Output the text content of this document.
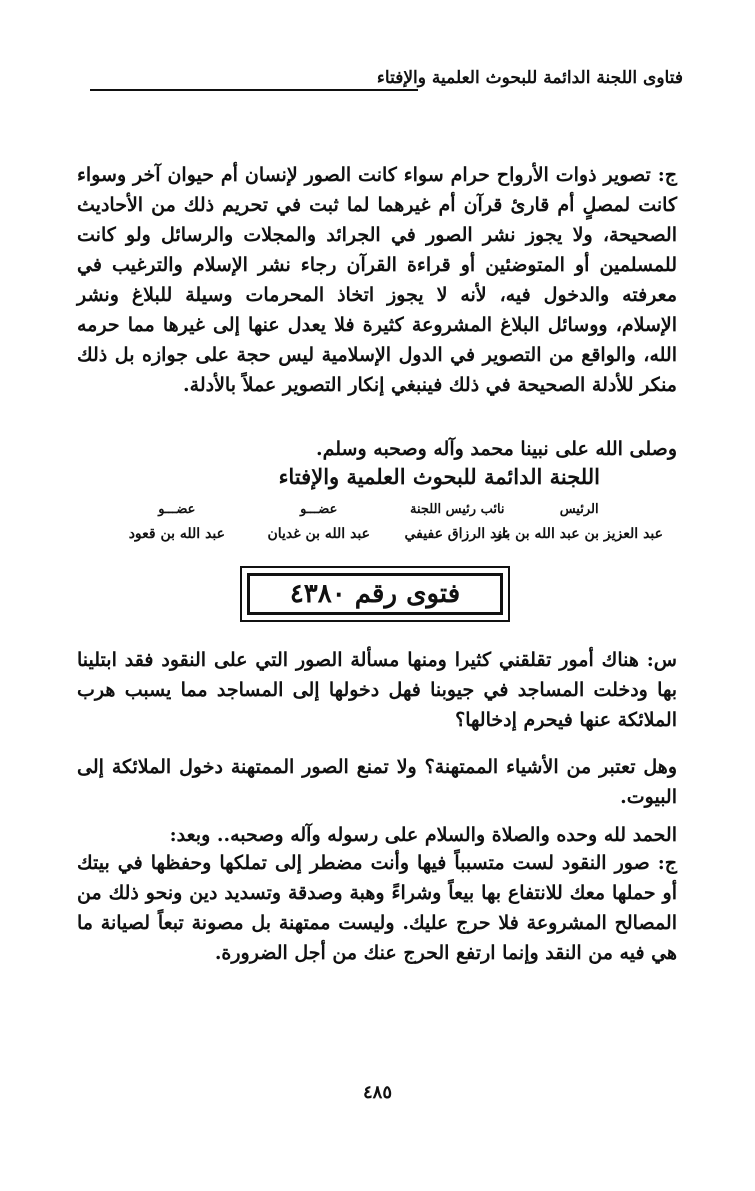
فتاوى اللجنة الدائمة للبحوث العلمية والإفتاء
ج: تصوير ذوات الأرواح حرام سواء كانت الصور لإنسان أم حيوان آخر وسواء كانت لمصلٍ أم قارئ قرآن أم غيرهما لما ثبت في تحريم ذلك من الأحاديث الصحيحة، ولا يجوز نشر الصور في الجرائد والمجلات والرسائل ولو كانت للمسلمين أو المتوضئين أو قراءة القرآن رجاء نشر الإسلام والترغيب في معرفته والدخول فيه، لأنه لا يجوز اتخاذ المحرمات وسيلة للبلاغ ونشر الإسلام، ووسائل البلاغ المشروعة كثيرة فلا يعدل عنها إلى غيرها مما حرمه الله، والواقع من التصوير في الدول الإسلامية ليس حجة على جوازه بل ذلك منكر للأدلة الصحيحة في ذلك فينبغي إنكار التصوير عملاً بالأدلة.
وصلى الله على نبينا محمد وآله وصحبه وسلم.
اللجنة الدائمة للبحوث العلمية والإفتاء
الرئيس
عبد العزيز بن عبد الله بن باز
نائب رئيس اللجنة
عبد الرزاق عفيفي
عضـــو
عبد الله بن غديان
عضـــو
عبد الله بن قعود
فتوى رقم ٤٣٨٠
س: هناك أمور تقلقني كثيرا ومنها مسألة الصور التي على النقود فقد ابتلينا بها ودخلت المساجد في جيوبنا فهل دخولها إلى المساجد مما يسبب هرب الملائكة عنها فيحرم إدخالها؟
وهل تعتبر من الأشياء الممتهنة؟ ولا تمنع الصور الممتهنة دخول الملائكة إلى البيوت.
الحمد لله وحده والصلاة والسلام على رسوله وآله وصحبه.. وبعد:
ج: صور النقود لست متسبباً فيها وأنت مضطر إلى تملكها وحفظها في بيتك أو حملها معك للانتفاع بها بيعاً وشراءً وهبة وصدقة وتسديد دين ونحو ذلك من المصالح المشروعة فلا حرج عليك. وليست ممتهنة بل مصونة تبعاً لصيانة ما هي فيه من النقد وإنما ارتفع الحرج عنك من أجل الضرورة.
٤٨٥
